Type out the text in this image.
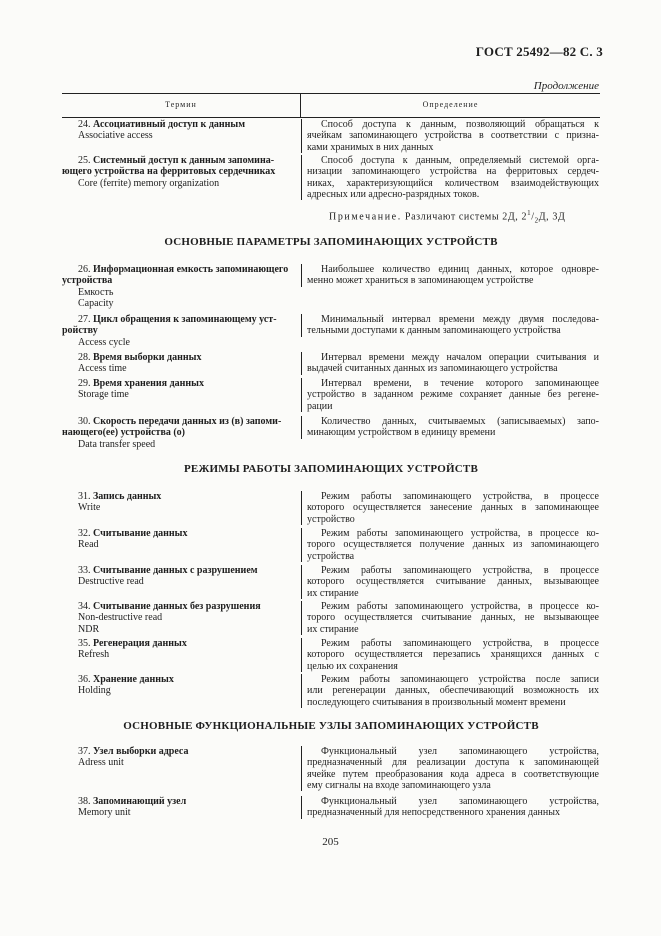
ГОСТ 25492—82 С. 3
Продолжение
Термин	Определение
24. Ассоциативный доступ к данным
Associative access
Способ доступа к данным, позволяющий обращаться к
ячейкам запоминающего устройства в соответствии с призна-
ками хранимых в них данных
25. Системный доступ к данным запомина-
ющего устройства на ферритовых сердечниках
Core (ferrite) memory organization
Способ доступа к данным, определяемый системой орга-
низации запоминающего устройства на ферритовых сердеч-
никах, характеризующийся количеством взаимодействующих
адресных или адресно-разрядных токов.
26. Информационная емкость запоминающего
устройства
Емкость
Capacity
Наибольшее количество единиц данных, которое одновре-
менно может храниться в запоминающем устройстве
27. Цикл обращения к запоминающему уст-
ройству
Access cycle
Минимальный интервал времени между двумя последова-
тельными доступами к данным запоминающего устройства
28. Время выборки данных
Access time
Интервал времени между началом операции считывания и
выдачей считанных данных из запоминающего устройства
29. Время хранения данных
Storage time
Интервал времени, в течение которого запоминающее
устройство в заданном режиме сохраняет данные без регене-
рации
30. Скорость передачи данных из (в) запоми-
нающего(ее) устройства (о)
Data transfer speed
Количество данных, считываемых (записываемых) запо-
минающим устройством в единицу времени
31. Запись данных
Write
Режим работы запоминающего устройства, в процессе
которого осуществляется занесение данных в запоминающее
устройство
32. Считывание данных
Read
Режим работы запоминающего устройства, в процессе ко-
торого осуществляется получение данных из запоминающего
устройства
33. Считывание данных с разрушением
Destructive read
Режим работы запоминающего устройства, в процессе
которого осуществляется считывание данных, вызывающее
их стирание
34. Считывание данных без разрушения
Non-destructive read
NDR
Режим работы запоминающего устройства, в процессе ко-
торого осуществляется считывание данных, не вызывающее
их стирание
35. Регенерация данных
Refresh
Режим работы запоминающего устройства, в процессе
которого осуществляется перезапись хранящихся данных с
целью их сохранения
36. Хранение данных
Holding
Режим работы запоминающего устройства после записи
или регенерации данных, обеспечивающий возможность их
последующего считывания в произвольный момент времени
37. Узел выборки адреса
Adress unit
Функциональный узел запоминающего устройства,
предназначенный для реализации доступа к запоминающей
ячейке путем преобразования кода адреса в соответствующие
ему сигналы на входе запоминающего узла
38. Запоминающий узел
Memory unit
Функциональный узел запоминающего устройства,
предназначенный для непосредственного хранения данных
ОСНОВНЫЕ ПАРАМЕТРЫ ЗАПОМИНАЮЩИХ УСТРОЙСТВ
РЕЖИМЫ РАБОТЫ ЗАПОМИНАЮЩИХ УСТРОЙСТВ
ОСНОВНЫЕ ФУНКЦИОНАЛЬНЫЕ УЗЛЫ ЗАПОМИНАЮЩИХ УСТРОЙСТВ
Примечание. Различают системы 2Д, $2^1/_2Д$, 3Д
205
